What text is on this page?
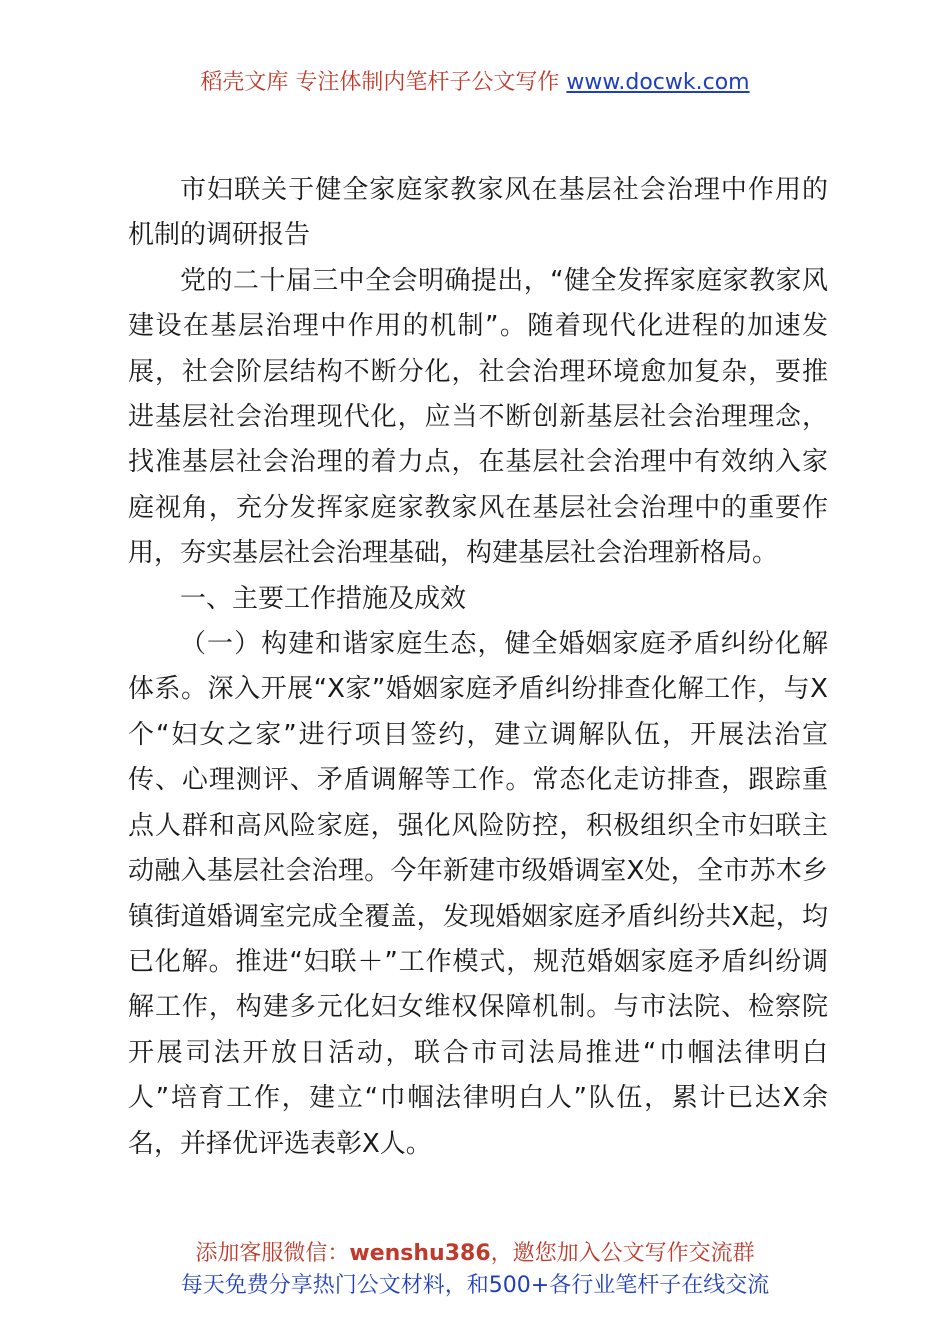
稻壳文库 专注体制内笔杆子公文写作 www.docwk.com

市妇联关于健全家庭家教家风在基层社会治理中作用的机制的调研报告

党的二十届三中全会明确提出，“健全发挥家庭家教家风建设在基层治理中作用的机制”。随着现代化进程的加速发展，社会阶层结构不断分化，社会治理环境愈加复杂，要推进基层社会治理现代化，应当不断创新基层社会治理理念，找准基层社会治理的着力点，在基层社会治理中有效纳入家庭视角，充分发挥家庭家教家风在基层社会治理中的重要作用，夯实基层社会治理基础，构建基层社会治理新格局。

一、主要工作措施及成效

（一）构建和谐家庭生态，健全婚姻家庭矛盾纠纷化解体系。深入开展“X家”婚姻家庭矛盾纠纷排查化解工作，与X个“妇女之家”进行项目签约，建立调解队伍，开展法治宣传、心理测评、矛盾调解等工作。常态化走访排查，跟踪重点人群和高风险家庭，强化风险防控，积极组织全市妇联主动融入基层社会治理。今年新建市级婚调室X处，全市苏木乡镇街道婚调室完成全覆盖，发现婚姻家庭矛盾纠纷共X起，均已化解。推进“妇联＋”工作模式，规范婚姻家庭矛盾纠纷调解工作，构建多元化妇女维权保障机制。与市法院、检察院开展司法开放日活动，联合市司法局推进“巾帼法律明白人”培育工作，建立“巾帼法律明白人”队伍，累计已达X余名，并择优评选表彰X人。

添加客服微信：wenshu386，邀您加入公文写作交流群
每天免费分享热门公文材料，和500+各行业笔杆子在线交流
